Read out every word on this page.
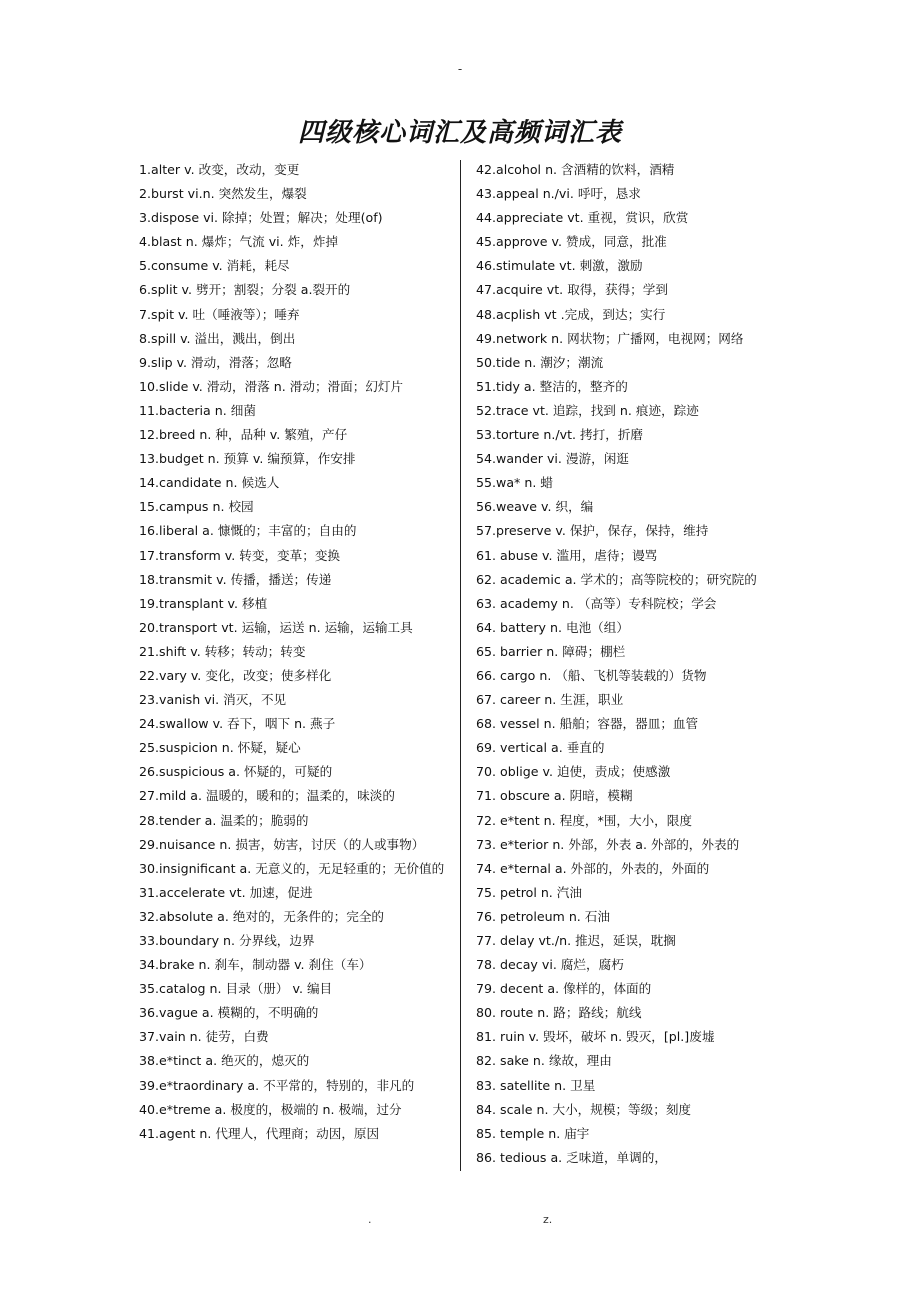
-
四级核心词汇及高频词汇表
1.alter v. 改变，改动，变更
2.burst vi.n. 突然发生，爆裂
3.dispose vi. 除掉；处置；解决；处理(of)
4.blast n. 爆炸；气流 vi. 炸，炸掉
5.consume v. 消耗，耗尽
6.split v. 劈开；割裂；分裂 a.裂开的
7.spit v. 吐（唾液等）；唾弃
8.spill v. 溢出，溅出，倒出
9.slip v. 滑动，滑落；忽略
10.slide v. 滑动，滑落 n. 滑动；滑面；幻灯片
11.bacteria n. 细菌
12.breed n. 种，品种 v. 繁殖，产仔
13.budget n. 预算 v. 编预算，作安排
14.candidate n. 候选人
15.campus n. 校园
16.liberal a. 慷慨的；丰富的；自由的
17.transform v. 转变，变革；变换
18.transmit v. 传播，播送；传递
19.transplant v. 移植
20.transport vt. 运输，运送 n. 运输，运输工具
21.shift v. 转移；转动；转变
22.vary v. 变化，改变；使多样化
23.vanish vi. 消灭，不见
24.swallow v. 吞下，咽下 n. 燕子
25.suspicion n. 怀疑，疑心
26.suspicious a. 怀疑的，可疑的
27.mild a. 温暖的，暖和的；温柔的，味淡的
28.tender a. 温柔的；脆弱的
29.nuisance n. 损害，妨害，讨厌（的人或事物）
30.insignificant a. 无意义的，无足轻重的；无价值的
31.accelerate vt. 加速，促进
32.absolute a. 绝对的，无条件的；完全的
33.boundary n. 分界线，边界
34.brake n. 刹车，制动器 v. 刹住（车）
35.catalog n. 目录（册） v. 编目
36.vague a. 模糊的，不明确的
37.vain n. 徒劳，白费
38.e*tinct a. 绝灭的，熄灭的
39.e*traordinary a. 不平常的，特别的，非凡的
40.e*treme a. 极度的，极端的 n. 极端，过分
41.agent n. 代理人，代理商；动因，原因
42.alcohol n. 含酒精的饮料，酒精
43.appeal n./vi. 呼吁，恳求
44.appreciate vt. 重视，赏识，欣赏
45.approve v. 赞成，同意，批准
46.stimulate vt. 刺激，激励
47.acquire vt. 取得，获得；学到
48.acplish vt .完成，到达；实行
49.network n. 网状物；广播网，电视网；网络
50.tide n. 潮汐；潮流
51.tidy a. 整洁的，整齐的
52.trace vt. 追踪，找到 n. 痕迹，踪迹
53.torture n./vt. 拷打，折磨
54.wander vi. 漫游，闲逛
55.wa* n. 蜡
56.weave v. 织，编
57.preserve v. 保护，保存，保持，维持
61. abuse v. 滥用，虐待；谩骂
62. academic a. 学术的；高等院校的；研究院的
63. academy n. （高等）专科院校；学会
64. battery n. 电池（组）
65. barrier n. 障碍；棚栏
66. cargo n. （船、飞机等装载的）货物
67. career n. 生涯，职业
68. vessel n. 船舶；容器，器皿；血管
69. vertical a. 垂直的
70. oblige v. 迫使，责成；使感激
71. obscure a. 阴暗，模糊
72. e*tent n. 程度，*围，大小，限度
73. e*terior n. 外部，外表 a. 外部的，外表的
74. e*ternal a. 外部的，外表的，外面的
75. petrol n. 汽油
76. petroleum n. 石油
77. delay vt./n. 推迟，延误，耽搁
78. decay vi. 腐烂，腐朽
79. decent a. 像样的，体面的
80. route n. 路；路线；航线
81. ruin v. 毁坏，破坏 n. 毁灭，[pl.]废墟
82. sake n. 缘故，理由
83. satellite n. 卫星
84. scale n. 大小，规模；等级；刻度
85. temple n. 庙宇
86. tedious a. 乏味道，单调的，
.	z.
